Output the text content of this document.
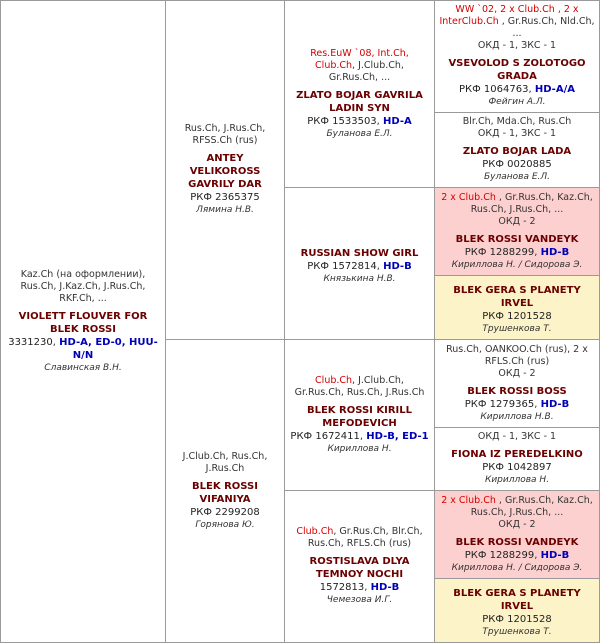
Kaz.Ch (на оформлении), Rus.Ch, J.Kaz.Ch, J.Rus.Ch, RKF.Ch, ...
VIOLETT FLOUVER FOR BLEK ROSSI
3331230, HD-A, ED-0, HUU-N/N
Славинская В.Н.
Rus.Ch, J.Rus.Ch, RFSS.Ch (rus)
ANTEY VELIKOROSS GAVRILY DAR
РКФ 2365375
Лямина Н.В.
J.Club.Ch, Rus.Ch, J.Rus.Ch
BLEK ROSSI VIFANIYA
РКФ 2299208
Горянова Ю.
Res.EuW `08, Int.Ch, Club.Ch, J.Club.Ch, Gr.Rus.Ch, ...
ZLATO BOJAR GAVRILA LADIN SYN
РКФ 1533503, HD-A
Буланова Е.Л.
RUSSIAN SHOW GIRL
РКФ 1572814, HD-B
Князькина Н.В.
Club.Ch, J.Club.Ch, Gr.Rus.Ch, Rus.Ch, J.Rus.Ch
BLEK ROSSI KIRILL MEFODEVICH
РКФ 1672411, HD-B, ED-1
Кириллова Н.
Club.Ch, Gr.Rus.Ch, Blr.Ch, Rus.Ch, RFLS.Ch (rus)
ROSTISLAVA DLYA TEMNOY NOCHI
1572813, HD-B
Чемезова И.Г.
WW `02, 2 x Club.Ch , 2 x InterClub.Ch , Gr.Rus.Ch, Nld.Ch, ...
ОКД - 1, ЗКС - 1
VSEVOLOD S ZOLOTOGO GRADA
РКФ 1064763, HD-A/A
Фейгин А.Л.
Blr.Ch, Mda.Ch, Rus.Ch
ОКД - 1, ЗКС - 1
ZLATO BOJAR LADA
РКФ 0020885
Буланова Е.Л.
2 x Club.Ch , Gr.Rus.Ch, Kaz.Ch, Rus.Ch, J.Rus.Ch, ...
ОКД - 2
BLEK ROSSI VANDEYK
РКФ 1288299, HD-B
Кириллова Н. / Сидорова Э.
BLEK GERA S PLANETY IRVEL
РКФ 1201528
Трушенкова Т.
Rus.Ch, OANKOO.Ch (rus), 2 x RFLS.Ch (rus)
ОКД - 2
BLEK ROSSI BOSS
РКФ 1279365, HD-B
Кириллова Н.В.
ОКД - 1, ЗКС - 1
FIONA IZ PEREDELKINO
РКФ 1042897
Кириллова Н.
2 x Club.Ch , Gr.Rus.Ch, Kaz.Ch, Rus.Ch, J.Rus.Ch, ...
ОКД - 2
BLEK ROSSI VANDEYK
РКФ 1288299, HD-B
Кириллова Н. / Сидорова Э.
BLEK GERA S PLANETY IRVEL
РКФ 1201528
Трушенкова Т.
